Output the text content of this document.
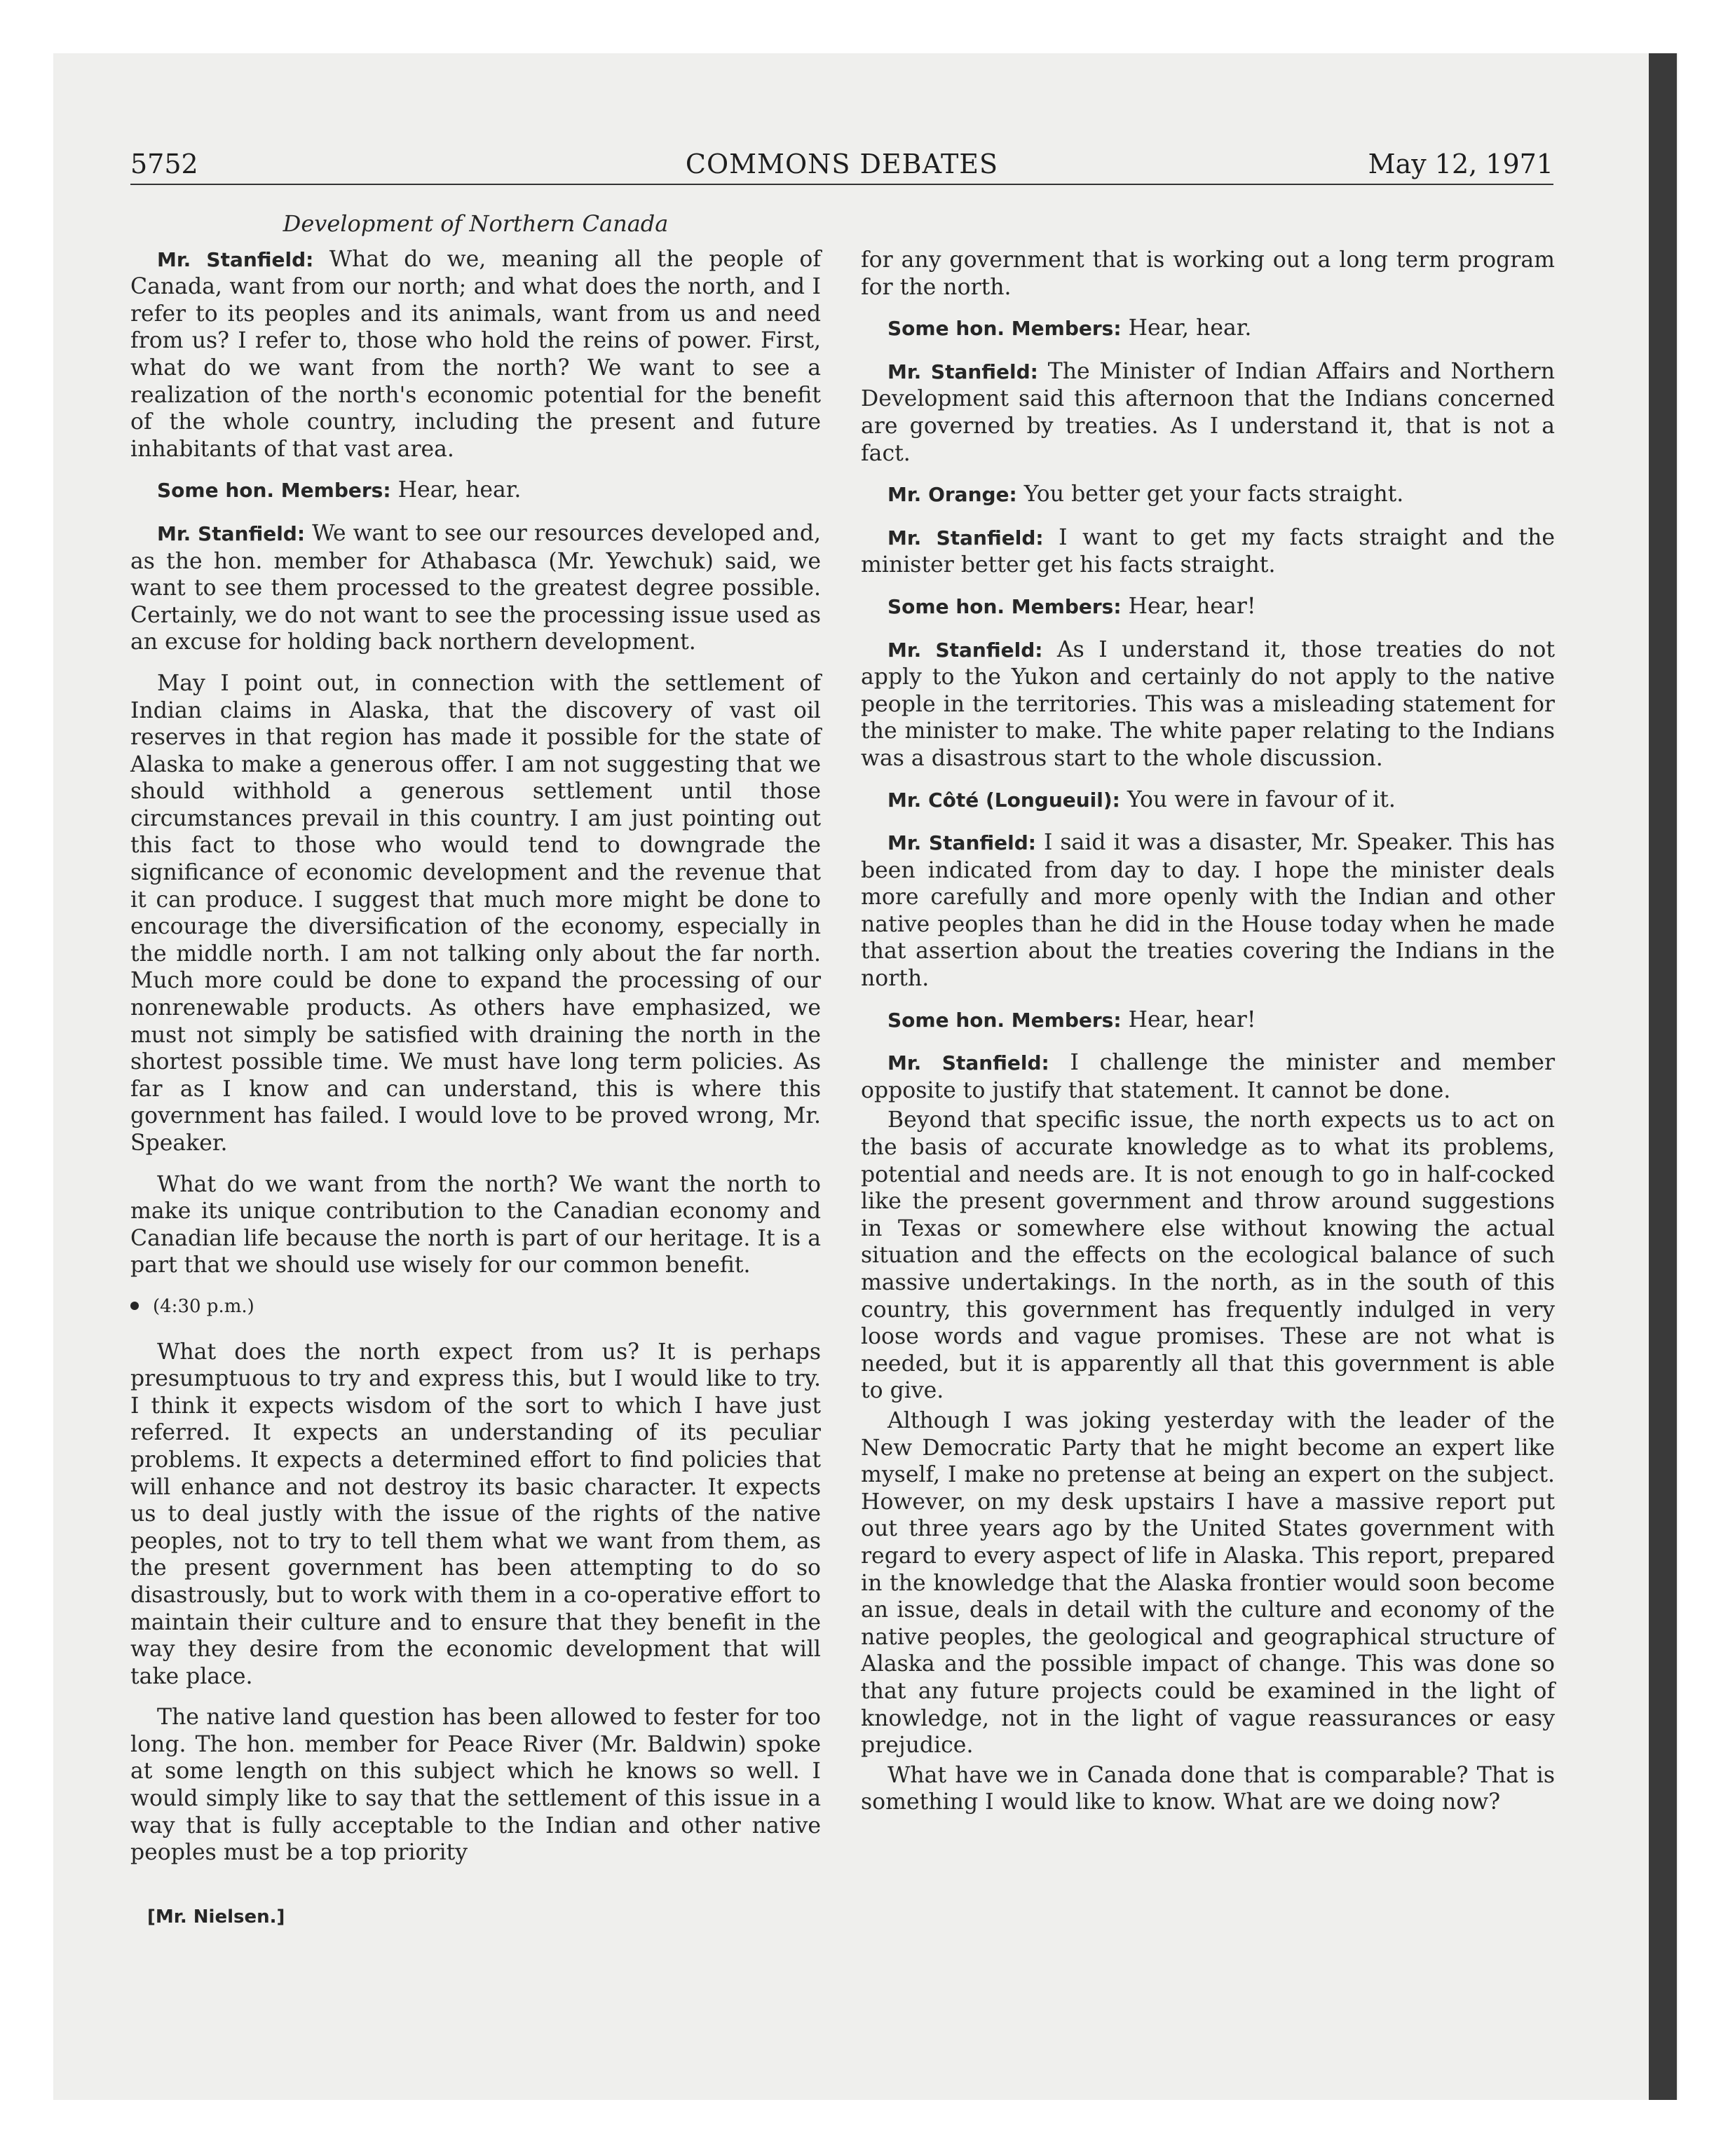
5752	COMMONS DEBATES	May 12, 1971
Development of Northern Canada

Mr. Stanfield: What do we, meaning all the people of Canada, want from our north; and what does the north, and I refer to its peoples and its animals, want from us and need from us? I refer to, those who hold the reins of power. First, what do we want from the north? We want to see a realization of the north's economic potential for the benefit of the whole country, including the present and future inhabitants of that vast area.

Some hon. Members: Hear, hear.

Mr. Stanfield: We want to see our resources developed and, as the hon. member for Athabasca (Mr. Yewchuk) said, we want to see them processed to the greatest degree possible. Certainly, we do not want to see the processing issue used as an excuse for holding back northern development.

May I point out, in connection with the settlement of Indian claims in Alaska, that the discovery of vast oil reserves in that region has made it possible for the state of Alaska to make a generous offer. I am not suggesting that we should withhold a generous settlement until those circumstances prevail in this country. I am just pointing out this fact to those who would tend to downgrade the significance of economic development and the revenue that it can produce. I suggest that much more might be done to encourage the diversification of the economy, especially in the middle north. I am not talking only about the far north. Much more could be done to expand the processing of our nonrenewable products. As others have emphasized, we must not simply be satisfied with draining the north in the shortest possible time. We must have long term policies. As far as I know and can understand, this is where this government has failed. I would love to be proved wrong, Mr. Speaker.

What do we want from the north? We want the north to make its unique contribution to the Canadian economy and Canadian life because the north is part of our heritage. It is a part that we should use wisely for our common benefit.

(4:30 p.m.)

What does the north expect from us? It is perhaps presumptuous to try and express this, but I would like to try. I think it expects wisdom of the sort to which I have just referred. It expects an understanding of its peculiar problems. It expects a determined effort to find policies that will enhance and not destroy its basic character. It expects us to deal justly with the issue of the rights of the native peoples, not to try to tell them what we want from them, as the present government has been attempting to do so disastrously, but to work with them in a co-operative effort to maintain their culture and to ensure that they benefit in the way they desire from the economic development that will take place.

The native land question has been allowed to fester for too long. The hon. member for Peace River (Mr. Baldwin) spoke at some length on this subject which he knows so well. I would simply like to say that the settlement of this issue in a way that is fully acceptable to the Indian and other native peoples must be a top priority

for any government that is working out a long term program for the north.

Some hon. Members: Hear, hear.

Mr. Stanfield: The Minister of Indian Affairs and Northern Development said this afternoon that the Indians concerned are governed by treaties. As I understand it, that is not a fact.

Mr. Orange: You better get your facts straight.

Mr. Stanfield: I want to get my facts straight and the minister better get his facts straight.

Some hon. Members: Hear, hear!

Mr. Stanfield: As I understand it, those treaties do not apply to the Yukon and certainly do not apply to the native people in the territories. This was a misleading statement for the minister to make. The white paper relating to the Indians was a disastrous start to the whole discussion.

Mr. Côté (Longueuil): You were in favour of it.

Mr. Stanfield: I said it was a disaster, Mr. Speaker. This has been indicated from day to day. I hope the minister deals more carefully and more openly with the Indian and other native peoples than he did in the House today when he made that assertion about the treaties covering the Indians in the north.

Some hon. Members: Hear, hear!

Mr. Stanfield: I challenge the minister and member opposite to justify that statement. It cannot be done.

Beyond that specific issue, the north expects us to act on the basis of accurate knowledge as to what its problems, potential and needs are. It is not enough to go in half-cocked like the present government and throw around suggestions in Texas or somewhere else without knowing the actual situation and the effects on the ecological balance of such massive undertakings. In the north, as in the south of this country, this government has frequently indulged in very loose words and vague promises. These are not what is needed, but it is apparently all that this government is able to give.

Although I was joking yesterday with the leader of the New Democratic Party that he might become an expert like myself, I make no pretense at being an expert on the subject. However, on my desk upstairs I have a massive report put out three years ago by the United States government with regard to every aspect of life in Alaska. This report, prepared in the knowledge that the Alaska frontier would soon become an issue, deals in detail with the culture and economy of the native peoples, the geological and geographical structure of Alaska and the possible impact of change. This was done so that any future projects could be examined in the light of knowledge, not in the light of vague reassurances or easy prejudice.

What have we in Canada done that is comparable? That is something I would like to know. What are we doing now?

[Mr. Nielsen.]
